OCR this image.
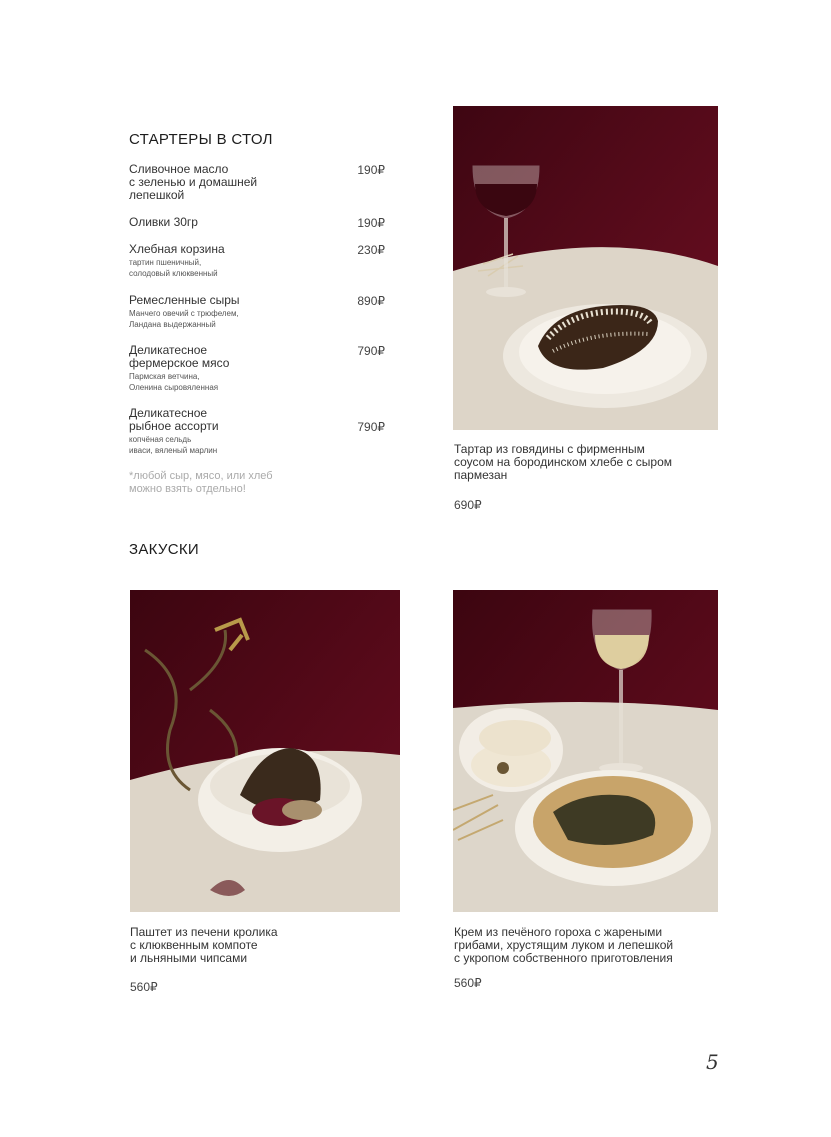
СТАРТЕРЫ В СТОЛ
Сливочное масло
с зеленью и домашней
лепешкой
190₽
Оливки 30гр	190₽
Хлебная корзина
тартин пшеничный,
солодовый клюквенный
230₽
Ремесленные сыры
Манчего овечий с трюфелем,
Ландана выдержанный
890₽
Деликатесное
фермерское мясо
Пармская ветчина,
Оленина сыровяленная
790₽
Деликатесное
рыбное ассорти
копчёная сельдь
иваси, вяленый марлин
790₽
*любой сыр, мясо, или хлеб
можно взять отдельно!
Тартар из говядины с фирменным
соусом на бородинском хлебе с сыром
пармезан
690₽
ЗАКУСКИ
Паштет из печени кролика
с клюквенным компоте
и льняными чипсами
560₽
Крем из печёного гороха с жареными
грибами, хрустящим луком и лепешкой
с укропом собственного приготовления
560₽
5
